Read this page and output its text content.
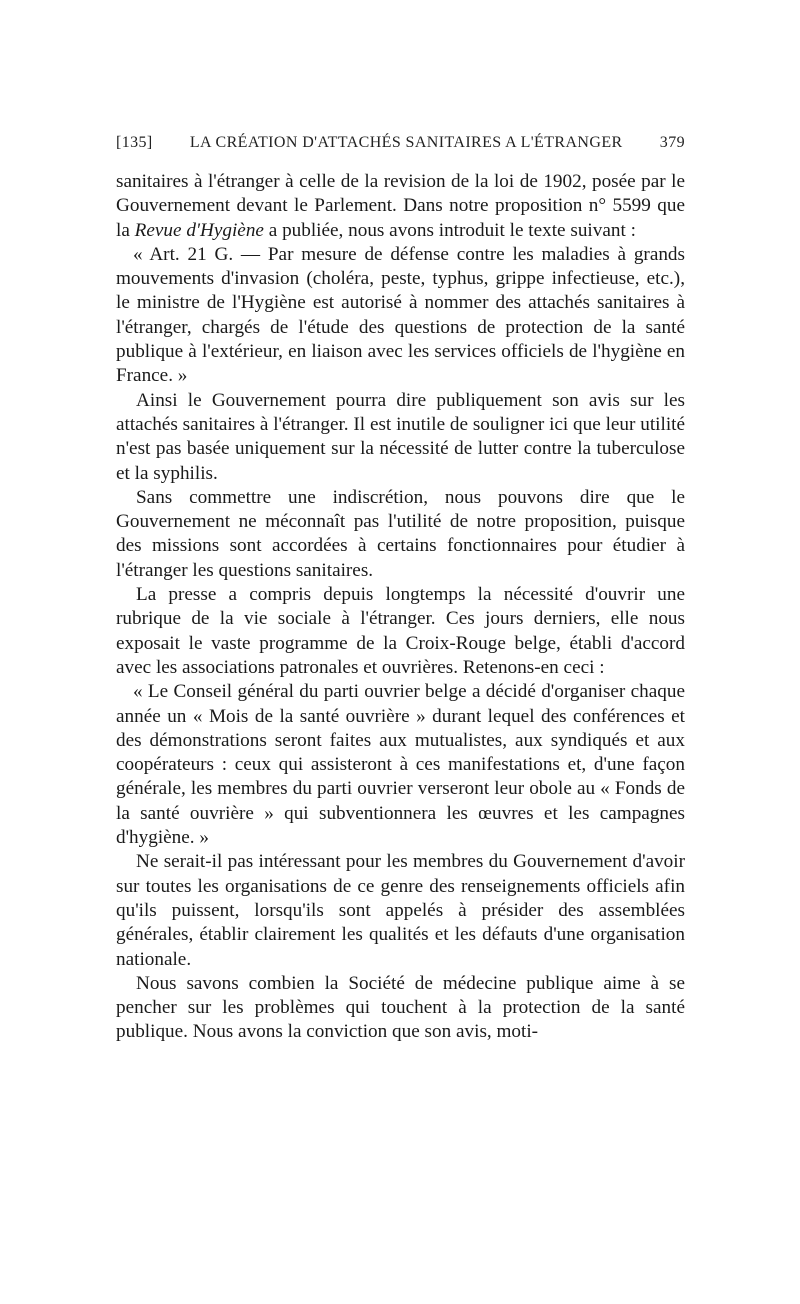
[135] LA CRÉATION D'ATTACHÉS SANITAIRES A L'ÉTRANGER 379

sanitaires à l'étranger à celle de la revision de la loi de 1902, posée par le Gouvernement devant le Parlement. Dans notre proposition n° 5599 que la Revue d'Hygiène a publiée, nous avons introduit le texte suivant :

« Art. 21 G. — Par mesure de défense contre les maladies à grands mouvements d'invasion (choléra, peste, typhus, grippe infectieuse, etc.), le ministre de l'Hygiène est autorisé à nommer des attachés sanitaires à l'étranger, chargés de l'étude des questions de protection de la santé publique à l'extérieur, en liaison avec les services officiels de l'hygiène en France. »

Ainsi le Gouvernement pourra dire publiquement son avis sur les attachés sanitaires à l'étranger. Il est inutile de souligner ici que leur utilité n'est pas basée uniquement sur la nécessité de lutter contre la tuberculose et la syphilis.

Sans commettre une indiscrétion, nous pouvons dire que le Gouvernement ne méconnaît pas l'utilité de notre proposition, puisque des missions sont accordées à certains fonctionnaires pour étudier à l'étranger les questions sanitaires.

La presse a compris depuis longtemps la nécessité d'ouvrir une rubrique de la vie sociale à l'étranger. Ces jours derniers, elle nous exposait le vaste programme de la Croix-Rouge belge, établi d'accord avec les associations patronales et ouvrières. Retenons-en ceci :

« Le Conseil général du parti ouvrier belge a décidé d'organiser chaque année un « Mois de la santé ouvrière » durant lequel des conférences et des démonstrations seront faites aux mutualistes, aux syndiqués et aux coopérateurs : ceux qui assisteront à ces manifestations et, d'une façon générale, les membres du parti ouvrier verseront leur obole au « Fonds de la santé ouvrière » qui subventionnera les œuvres et les campagnes d'hygiène. »

Ne serait-il pas intéressant pour les membres du Gouvernement d'avoir sur toutes les organisations de ce genre des renseignements officiels afin qu'ils puissent, lorsqu'ils sont appelés à présider des assemblées générales, établir clairement les qualités et les défauts d'une organisation nationale.

Nous savons combien la Société de médecine publique aime à se pencher sur les problèmes qui touchent à la protection de la santé publique. Nous avons la conviction que son avis, moti-
